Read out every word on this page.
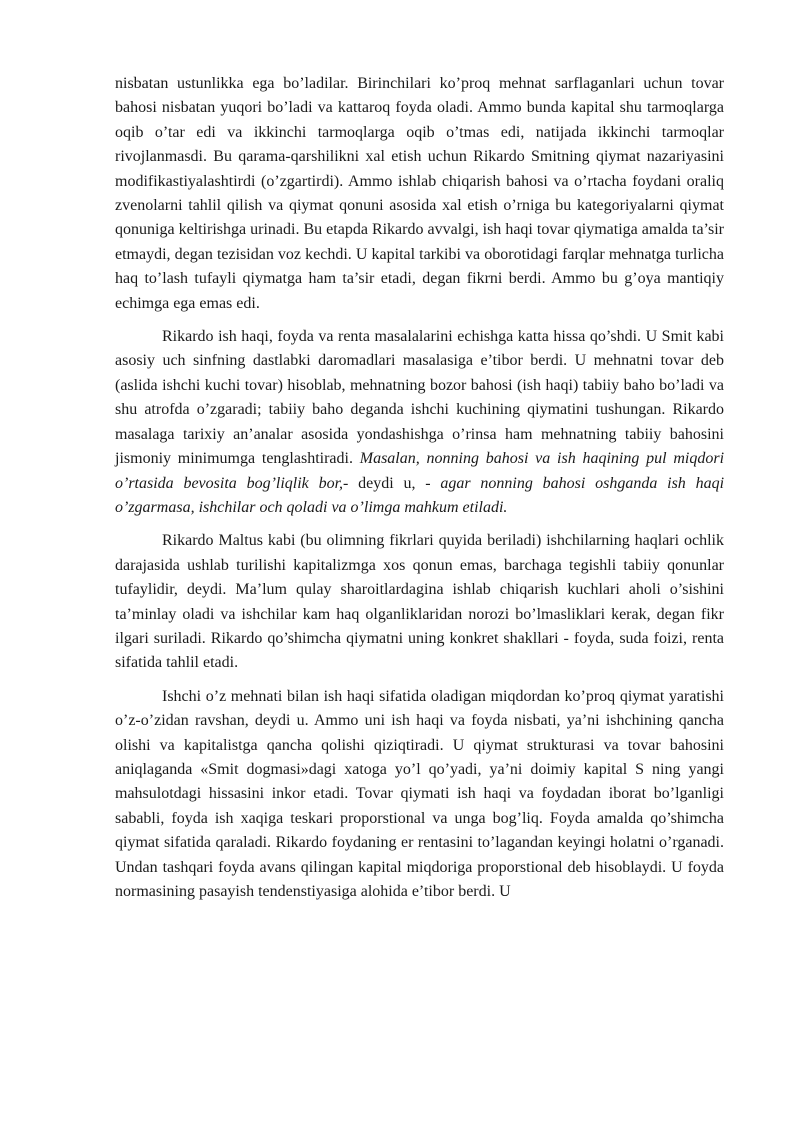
nisbatan ustunlikka ega bo’ladilar. Birinchilari ko’proq mehnat sarflaganlari uchun tovar bahosi nisbatan yuqori bo’ladi va kattaroq foyda oladi. Ammo bunda kapital shu tarmoqlarga oqib o’tar edi va ikkinchi tarmoqlarga oqib o’tmas edi, natijada ikkinchi tarmoqlar rivojlanmasdi. Bu qarama-qarshilikni xal etish uchun Rikardo Smitning qiymat nazariyasini modifikastiyalashtirdi (o’zgartirdi). Ammo ishlab chiqarish bahosi va o’rtacha foydani oraliq zvenolarni tahlil qilish va qiymat qonuni asosida xal etish o’rniga bu kategoriyalarni qiymat qonuniga keltirishga urinadi. Bu etapda Rikardo avvalgi, ish haqi tovar qiymatiga amalda ta’sir etmaydi, degan tezisidan voz kechdi. U kapital tarkibi va oborotidagi farqlar mehnatga turlicha haq to’lash tufayli qiymatga ham ta’sir etadi, degan fikrni berdi. Ammo bu g’oya mantiqiy echimga ega emas edi.

Rikardo ish haqi, foyda va renta masalalarini echishga katta hissa qo’shdi. U Smit kabi asosiy uch sinfning dastlabki daromadlari masalasiga e’tibor berdi. U mehnatni tovar deb (aslida ishchi kuchi tovar) hisoblab, mehnatning bozor bahosi (ish haqi) tabiiy baho bo’ladi va shu atrofda o’zgaradi; tabiiy baho deganda ishchi kuchining qiymatini tushungan. Rikardo masalaga tarixiy an’analar asosida yondashishga o’rinsa ham mehnatning tabiiy bahosini jismoniy minimumga tenglashtiradi. Masalan, nonning bahosi va ish haqining pul miqdori o’rtasida bevosita bog’liqlik bor,- deydi u, - agar nonning bahosi oshganda ish haqi o’zgarmasa, ishchilar och qoladi va o’limga mahkum etiladi.

Rikardo Maltus kabi (bu olimning fikrlari quyida beriladi) ishchilarning haqlari ochlik darajasida ushlab turilishi kapitalizmga xos qonun emas, barchaga tegishli tabiiy qonunlar tufaylidir, deydi. Ma’lum qulay sharoitlardagina ishlab chiqarish kuchlari aholi o’sishini ta’minlay oladi va ishchilar kam haq olganliklaridan norozi bo’lmasliklari kerak, degan fikr ilgari suriladi. Rikardo qo’shimcha qiymatni uning konkret shakllari - foyda, suda foizi, renta sifatida tahlil etadi.

Ishchi o’z mehnati bilan ish haqi sifatida oladigan miqdordan ko’proq qiymat yaratishi o’z-o’zidan ravshan, deydi u. Ammo uni ish haqi va foyda nisbati, ya’ni ishchining qancha olishi va kapitalistga qancha qolishi qiziqtiradi. U qiymat strukturasi va tovar bahosini aniqlaganda «Smit dogmasi»dagi xatoga yo’l qo’yadi, ya’ni doimiy kapital S ning yangi mahsulotdagi hissasini inkor etadi. Tovar qiymati ish haqi va foydadan iborat bo’lganligi sababli, foyda ish xaqiga teskari proporstional va unga bog’liq. Foyda amalda qo’shimcha qiymat sifatida qaraladi. Rikardo foydaning er rentasini to’lagandan keyingi holatni o’rganadi. Undan tashqari foyda avans qilingan kapital miqdoriga proporstional deb hisoblaydi. U foyda normasining pasayish tendenstiyasiga alohida e’tibor berdi. U
